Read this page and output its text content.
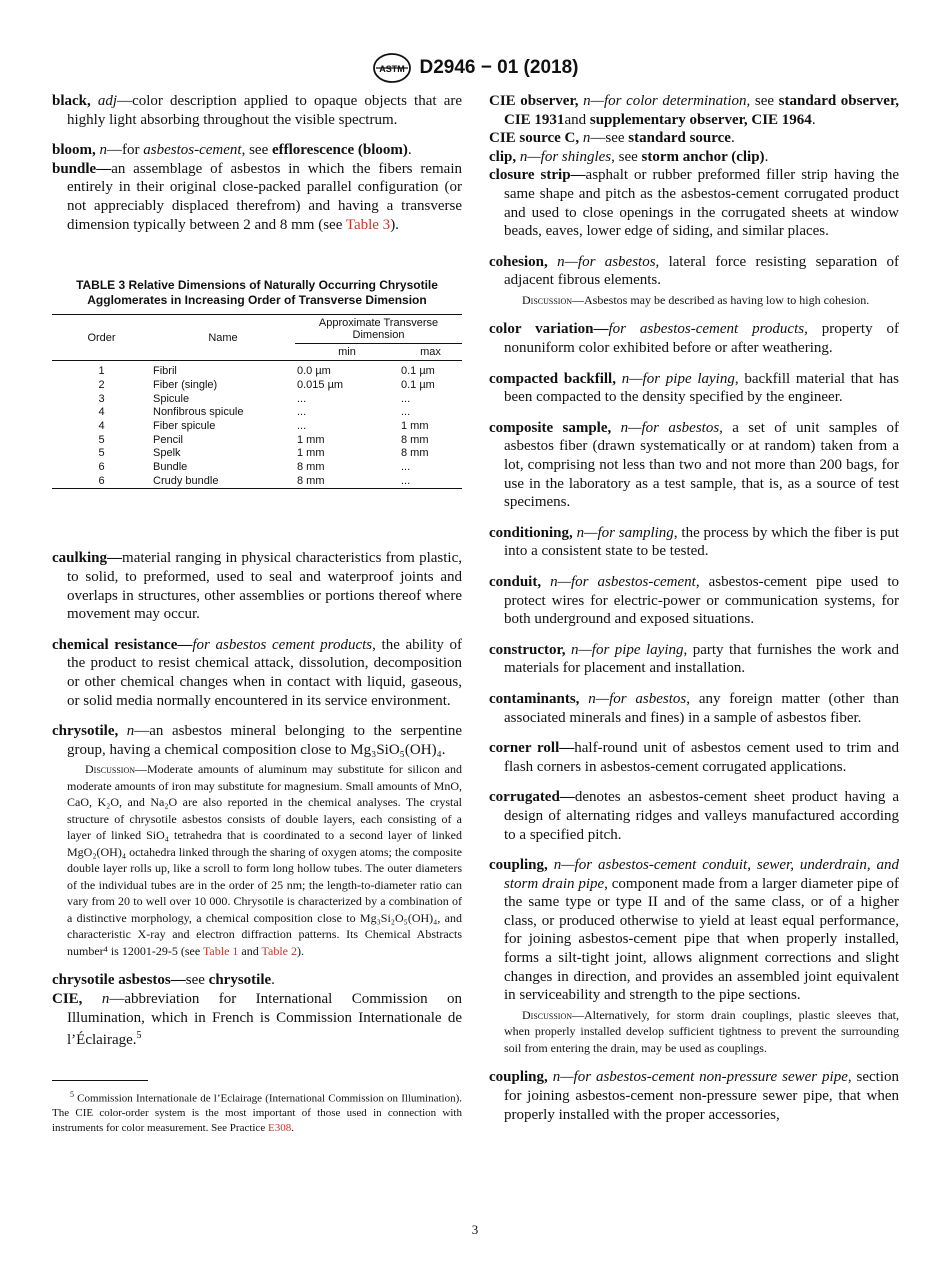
ASTM D2946 − 01 (2018)

black, adj—color description applied to opaque objects that are highly light absorbing throughout the visible spectrum.

bloom, n—for asbestos-cement, see efflorescence (bloom).

bundle—an assemblage of asbestos in which the fibers remain entirely in their original close-packed parallel configuration (or not appreciably displaced therefrom) and having a transverse dimension typically between 2 and 8 mm (see Table 3).

TABLE 3 Relative Dimensions of Naturally Occurring Chrysotile Agglomerates in Increasing Order of Transverse Dimension
Order	Name	Approximate Transverse Dimension	
		min	max

1	Fibril	0.0 µm	0.1 µm
2	Fiber (single)	0.015 µm	0.1 µm
3	Spicule	...	...
4	Nonfibrous spicule	...	...
4	Fiber spicule	...	1 mm
5	Pencil	1 mm	8 mm
5	Spelk	1 mm	8 mm
6	Bundle	8 mm	...
6	Crudy bundle	8 mm	...

caulking—material ranging in physical characteristics from plastic, to solid, to preformed, used to seal and waterproof joints and overlaps in structures, other assemblies or portions thereof where movement may occur.

chemical resistance—for asbestos cement products, the ability of the product to resist chemical attack, dissolution, decomposition or other chemical changes when in contact with liquid, gaseous, or solid media normally encountered in its service environment.

chrysotile, n—an asbestos mineral belonging to the serpentine group, having a chemical composition close to Mg₃SiO₅(OH)₄.

Discussion—Moderate amounts of aluminum may substitute for silicon and moderate amounts of iron may substitute for magnesium. Small amounts of MnO, CaO, K₂O, and Na₂O are also reported in the chemical analyses. The crystal structure of chrysotile asbestos consists of double layers, each consisting of a layer of linked SiO₄ tetrahedra that is coordinated to a second layer of linked MgO₂(OH)₄ octahedra linked through the sharing of oxygen atoms; the composite double layer rolls up, like a scroll to form long hollow tubes. The outer diameters of the individual tubes are in the order of 25 nm; the length-to-diameter ratio can vary from 20 to well over 10 000. Chrysotile is characterized by a combination of a distinctive morphology, a chemical composition close to Mg₃Si₂O₅(OH)₄, and characteristic X-ray and electron diffraction patterns. Its Chemical Abstracts number⁴ is 12001-29-5 (see Table 1 and Table 2).

chrysotile asbestos—see chrysotile.

CIE, n—abbreviation for International Commission on Illumination, which in French is Commission Internationale de l’Éclairage.$^5$

$^5$ Commission Internationale de l’Eclairage (International Commission on Illumination). The CIE color-order system is the most important of those used in connection with instruments for color measurement. See Practice E308.

CIE observer, n—for color determination, see standard observer, CIE 1931and supplementary observer, CIE 1964.

CIE source C, n—see standard source.

clip, n—for shingles, see storm anchor (clip).

closure strip—asphalt or rubber preformed filler strip having the same shape and pitch as the asbestos-cement corrugated product and used to close openings in the corrugated sheets at window beads, eaves, lower edge of siding, and similar places.

cohesion, n—for asbestos, lateral force resisting separation of adjacent fibrous elements.

Discussion—Asbestos may be described as having low to high cohesion.

color variation—for asbestos-cement products, property of nonuniform color exhibited before or after weathering.

compacted backfill, n—for pipe laying, backfill material that has been compacted to the density specified by the engineer.

composite sample, n—for asbestos, a set of unit samples of asbestos fiber (drawn systematically or at random) taken from a lot, comprising not less than two and not more than 200 bags, for use in the laboratory as a test sample, that is, as a source of test specimens.

conditioning, n—for sampling, the process by which the fiber is put into a consistent state to be tested.

conduit, n—for asbestos-cement, asbestos-cement pipe used to protect wires for electric-power or communication systems, for both underground and exposed situations.

constructor, n—for pipe laying, party that furnishes the work and materials for placement and installation.

contaminants, n—for asbestos, any foreign matter (other than associated minerals and fines) in a sample of asbestos fiber.

corner roll—half-round unit of asbestos cement used to trim and flash corners in asbestos-cement corrugated applications.

corrugated—denotes an asbestos-cement sheet product having a design of alternating ridges and valleys manufactured according to a specified pitch.

coupling, n—for asbestos-cement conduit, sewer, underdrain, and storm drain pipe, component made from a larger diameter pipe of the same type or type II and of the same class, or of a higher class, or produced otherwise to yield at least equal performance, for joining asbestos-cement pipe that when properly installed, forms a silt-tight joint, allows alignment corrections and slight changes in direction, and provides an assembled joint equivalent in serviceability and strength to the pipe sections.

Discussion—Alternatively, for storm drain couplings, plastic sleeves that, when properly installed develop sufficient tightness to prevent the surrounding soil from entering the drain, may be used as couplings.

coupling, n—for asbestos-cement non-pressure sewer pipe, section for joining asbestos-cement non-pressure sewer pipe, that when properly installed with the proper accessories,

3
